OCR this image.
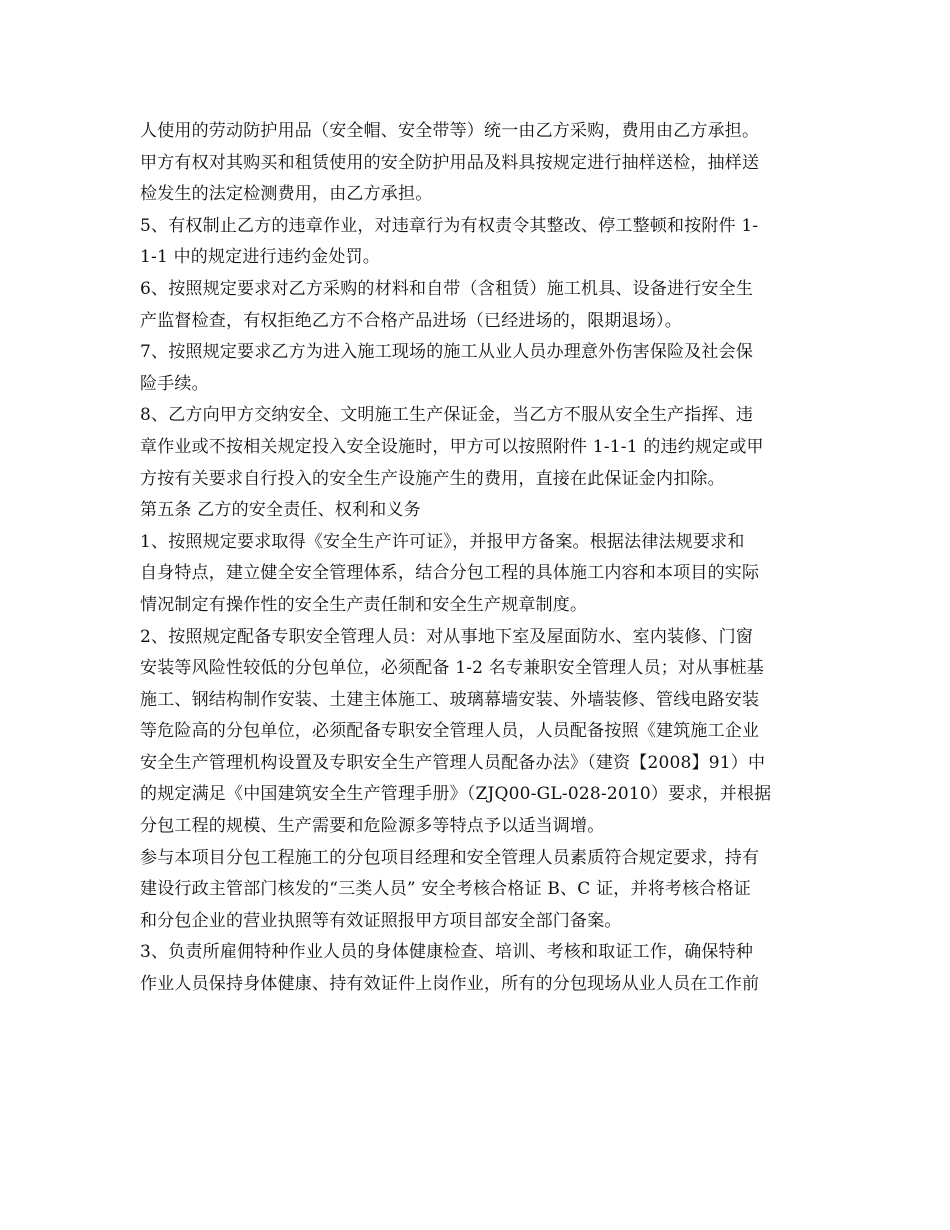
人使用的劳动防护用品（安全帽、安全带等）统一由乙方采购，费用由乙方承担。
甲方有权对其购买和租赁使用的安全防护用品及料具按规定进行抽样送检，抽样送
检发生的法定检测费用，由乙方承担。
5、有权制止乙方的违章作业，对违章行为有权责令其整改、停工整顿和按附件 1-
1-1 中的规定进行违约金处罚。
6、按照规定要求对乙方采购的材料和自带（含租赁）施工机具、设备进行安全生
产监督检查，有权拒绝乙方不合格产品进场（已经进场的，限期退场）。
7、按照规定要求乙方为进入施工现场的施工从业人员办理意外伤害保险及社会保
险手续。
8、乙方向甲方交纳安全、文明施工生产保证金，当乙方不服从安全生产指挥、违
章作业或不按相关规定投入安全设施时，甲方可以按照附件 1-1-1 的违约规定或甲
方按有关要求自行投入的安全生产设施产生的费用，直接在此保证金内扣除。
第五条 乙方的安全责任、权利和义务
1、按照规定要求取得《安全生产许可证》，并报甲方备案。根据法律法规要求和
自身特点，建立健全安全管理体系，结合分包工程的具体施工内容和本项目的实际
情况制定有操作性的安全生产责任制和安全生产规章制度。
2、按照规定配备专职安全管理人员：对从事地下室及屋面防水、室内装修、门窗
安装等风险性较低的分包单位，必须配备 1-2 名专兼职安全管理人员；对从事桩基
施工、钢结构制作安装、土建主体施工、玻璃幕墙安装、外墙装修、管线电路安装
等危险高的分包单位，必须配备专职安全管理人员，人员配备按照《建筑施工企业
安全生产管理机构设置及专职安全生产管理人员配备办法》（建资【2008】91）中
的规定满足《中国建筑安全生产管理手册》（ZJQ00-GL-028-2010）要求，并根据
分包工程的规模、生产需要和危险源多等特点予以适当调增。
参与本项目分包工程施工的分包项目经理和安全管理人员素质符合规定要求，持有
建设行政主管部门核发的“三类人员” 安全考核合格证 B、C 证，并将考核合格证
和分包企业的营业执照等有效证照报甲方项目部安全部门备案。
3、负责所雇佣特种作业人员的身体健康检查、培训、考核和取证工作，确保特种
作业人员保持身体健康、持有效证件上岗作业，所有的分包现场从业人员在工作前
